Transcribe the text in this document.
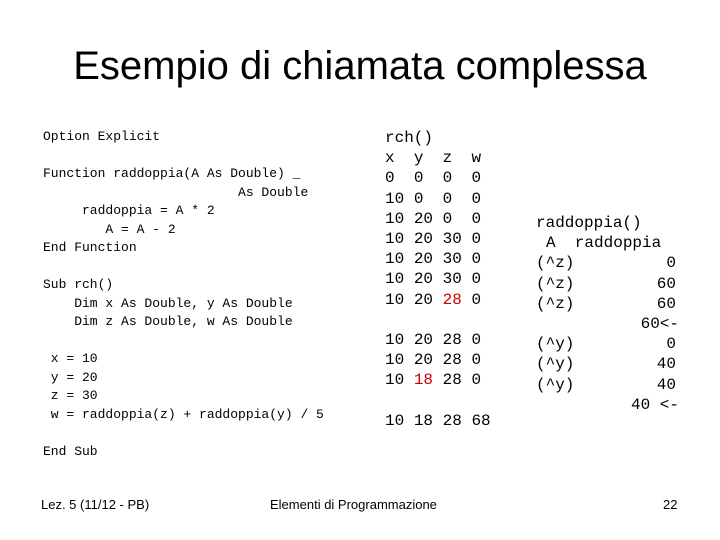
Esempio di chiamata complessa
Option Explicit

Function raddoppia(A As Double) _
As Double
raddoppia = A * 2
A = A - 2
End Function

Sub rch()
Dim x As Double, y As Double
Dim z As Double, w As Double

x = 10
y = 20
z = 30
w = raddoppia(z) + raddoppia(y) / 5

End Sub
rch()
x  y  z  w
0  0  0  0
10 0  0  0
10 20 0  0
10 20 30 0
10 20 30 0
10 20 30 0
10 20 28 0
10 20 28 0
10 20 28 0
10 18 28 0
10 18 28 68
raddoppia()
A  raddoppia
(^z)	0
(^z)	60
(^z)	60
60<-
(^y)	0
(^y)	40
(^y)	40
40 <-
Lez. 5 (11/12 - PB)	Elementi di Programmazione	22
